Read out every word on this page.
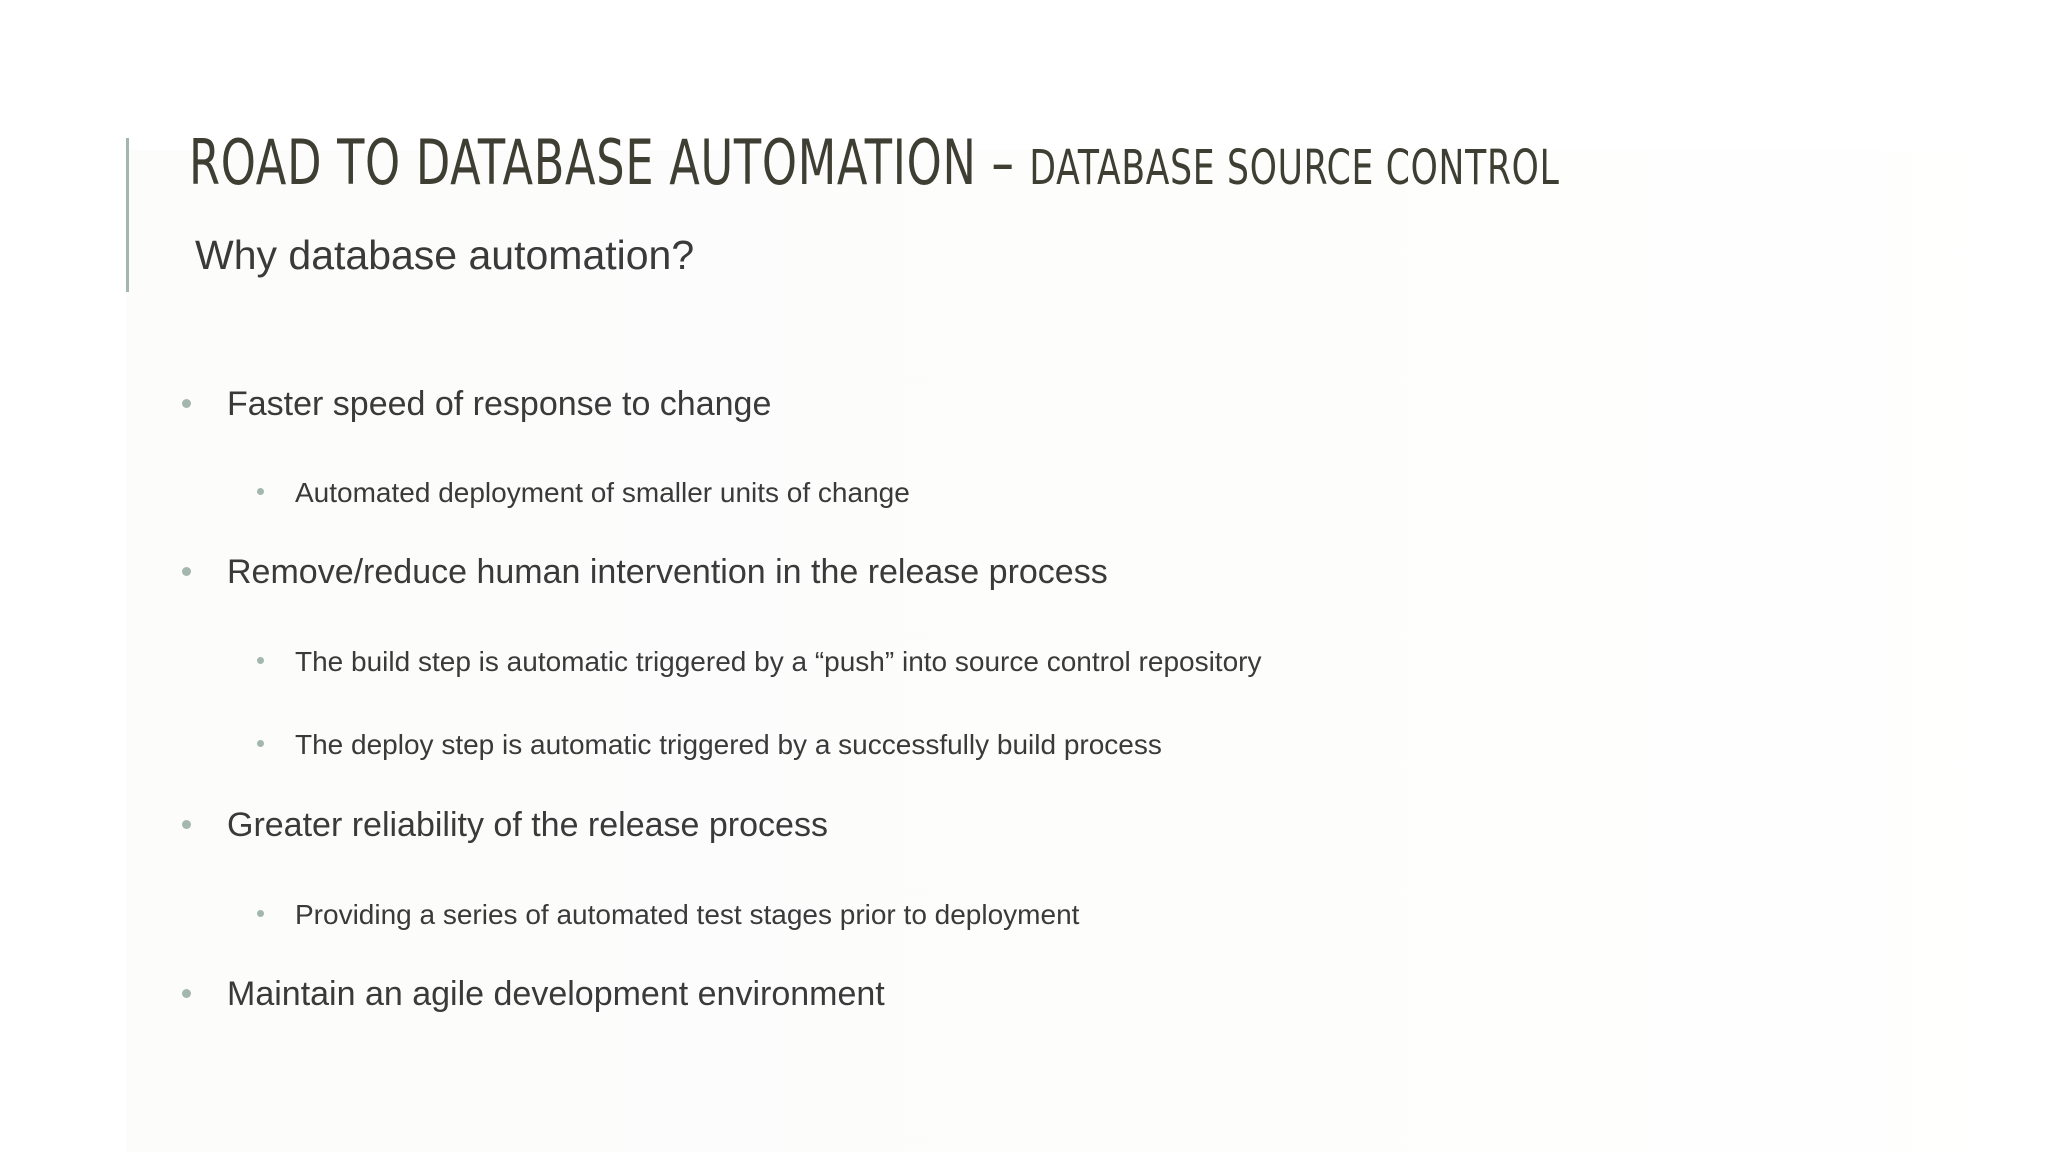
ROAD TO DATABASE AUTOMATION – DATABASE SOURCE CONTROL

Why database automation?

Faster speed of response to change
Automated deployment of smaller units of change
Remove/reduce human intervention in the release process
The build step is automatic triggered by a “push” into source control repository
The deploy step is automatic triggered by a successfully build process
Greater reliability of the release process
Providing a series of automated test stages prior to deployment
Maintain an agile development environment
